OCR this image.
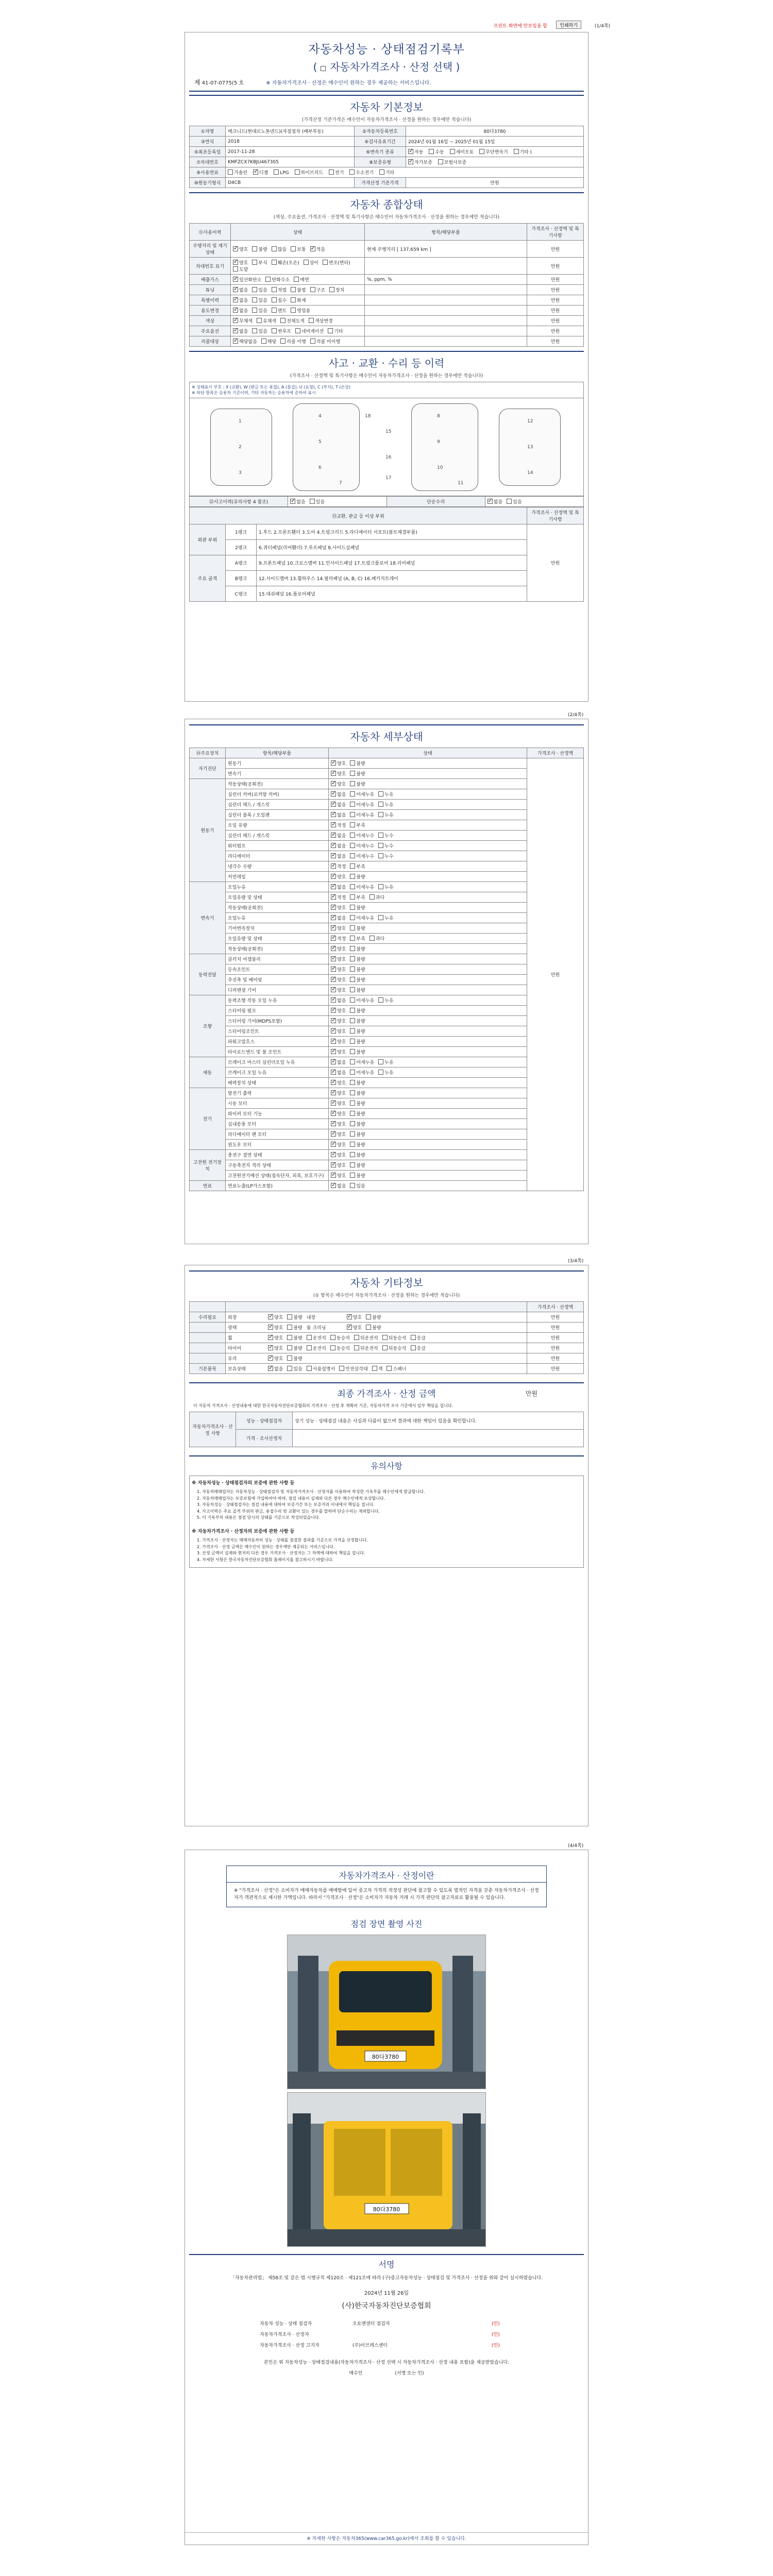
프린트 화면에 안보임을 합	인쇄하기	(1/4쪽)
자동차성능 · 상태점검기록부
( 자동차가격조사 · 산정 선택 )
제 41-07-0775(5 호	※ 자동차가격조사 · 산정은 매수인이 원하는 경우 제공하는 서비스입니다.
자동차 기본정보
(가격산정 기준가격은 매수인이 자동차가격조사 · 산정을 원하는 경우에만 적습니다)
①차명	메크니드(현대르노톤넨드)(자점점자 (배부투동)	②자동차등록번호	80다3780
③연식	2018	④검사유효기간	2024년 01월 16일 ~ 2025년 01월 15일
⑤최초등록일	2017-11-28	⑥변속기 종류	✓자동 수동 세미오토 무단변속기 기타 (
⑦차대번호	KMFZCX7KBJU467305	⑧보증유형	✓자가보증 보험사보증
⑨사용연료	가솔린 ✓ 디젤 LPG 하이브리드 전기 수소전기 기타
⑩원동기형식	D4CB	가격산정 기준가격	만원
자동차 종합상태
(색상, 주요옵션, 가격조사 · 산정액 및 특기사항은 매수인이 자동차가격조사 · 산정을 원하는 경우에만 적습니다)
⑪사용이력	상태	항목/해당부품	가격조사 · 산정액 및 특기사항
주행거리 및 계기상태	✓양호 불량 많음 보통 ✓ 적음	현재 주행거리 [ 137,659 km ]	만원
차대번호 표기	✓양호 부식 훼손(오손) 상이 변조(변타)도말		만원
배출가스	✓일산화탄소 탄화수소 매연	%, ppm, %	만원
튜닝	✓없음 있음 적법 불법 구조 장치		만원
특별이력	✓없음 있음 침수 화재		만원
용도변경	✓없음 있음 렌트 영업용		만원
색상	✓무채색 유채색 전체도색 색상변경		만원
주요옵션	✓없음 있음 썬루프 네비게이션 기타		만원
리콜대상	✓해당없음 해당 리콜 이행 리콜 미이행		만원
사고 · 교환 · 수리 등 이력
(가격조사 · 산정액 및 특기사항은 매수인이 자동차가격조사 · 산정을 원하는 경우에만 적습니다)
※ 상태표시 부호 : X (교환), W (판금 또는 용접), A (흠집), U (요철), C (부식), T (손상)
※ 하단 항목은 승용차 기준이며, 기타 자동차는 승용차에 준하여 표시
1
2
3
4
5
6
7
8
9
10
11
12
13
14
15
16
17
18
⑫사고이력(유의사항 4 참조)	✓없음 있음	단순수리	✓없음 있음
⑬교환, 판금 등 이상 부위			가격조사 · 산정액 및 특기사항
외판 부위	1랭크	1.후드 2.프론트휀더 3.도어 4.트렁크리드 5.라디에이터 서포트(볼트체결부품)	만원
	2랭크	6.쿼터패널(리어휀더) 7.루프패널 8.사이드실패널	
주요 골격	A랭크	9.프론트패널 10.크로스멤버 11.인사이드패널 17.트렁크플로어 18.리어패널	
	B랭크	12.사이드멤버 13.휠하우스 14.필러패널 (A, B, C) 16.패키지트레이	
	C랭크	15.대쉬패널 16.플로어패널	
(2/4쪽)
자동차 세부상태
⑭주요장치	항목/해당부품	상태	가격조사 · 산정액
자기진단	원동기	✓양호 불량	만원
	변속기	✓양호 불량
원동기	작동상태(공회전)	✓양호 불량
	실린더 커버(로커암 커버)	✓없음 미세누유 누유
	실린더 헤드 / 개스킷	✓없음 미세누유 누유
	실린더 블록 / 오일팬	✓없음 미세누유 누유
	오일 유량	✓적정 부족
	실린더 헤드 / 개스킷	✓없음 미세누수 누수
	워터펌프	✓없음 미세누수 누수
	라디에이터	✓없음 미세누수 누수
	냉각수 수량	✓적정 부족
	커먼레일	✓양호 불량
변속기	오일누유	✓없음 미세누유 누유
	오일유량 및 상태	✓적정 부족 과다
	작동상태(공회전)	✓양호 불량
	오일누유	✓없음 미세누유 누유
	기어변속장치	✓양호 불량
	오일유량 및 상태	✓적정 부족 과다
	작동상태(공회전)	✓양호 불량
동력전달	클러치 어셈블리	✓양호 불량
	등속조인트	✓양호 불량
	추진축 및 베어링	✓양호 불량
	디퍼렌셜 기어	✓양호 불량
조향	동력조향 작동 오일 누유	✓없음 미세누유 누유
	스티어링 펌프	✓양호 불량
	스티어링 기어(MDPS포함)	✓양호 불량
	스티어링조인트	✓양호 불량
	파워고압호스	✓양호 불량
	타이로드엔드 및 볼 조인트	✓양호 불량
제동	브레이크 마스터 실린더오일 누유	✓없음 미세누유 누유
	브레이크 오일 누유	✓없음 미세누유 누유
	배력장치 상태	✓양호 불량
전기	발전기 출력	✓양호 불량
	시동 모터	✓양호 불량
	와이퍼 모터 기능	✓양호 불량
	실내송풍 모터	✓양호 불량
	라디에이터 팬 모터	✓양호 불량
	윈도우 모터	✓양호 불량
고전원 전기장치	충전구 절연 상태	✓양호 불량
	구동축전지 격리 상태	✓양호 불량
	고전원전기배선 상태(접속단자, 피복, 보호기구)	✓양호 불량
연료	연료누출(LP가스포함)	✓없음 있음
(3/4쪽)
자동차 기타정보
(① 항목은 매수인이 자동차가격조사 · 산정을 원하는 경우에만 적습니다)
		가격조사 · 산정액
수리필요	외장 ✓ 양호 불량 내장 ✓ 양호 불량	만원
	광택 ✓ 양호 불량 룸 크리닝 ✓ 양호 불량	만원
	휠 ✓ 양호 불량 운전석 동승석 뒤운전석 뒤동승석 응급	만원
	타이어 ✓ 양호 불량 운전석 동승석 뒤운전석 뒤동승석 응급	만원
	유리 ✓ 양호 불량	만원
기본품목	보유상태 ✓ 없음 있음 사용설명서 안전삼각대 잭 스패너	만원
최종 가격조사 · 산정 금액	만원
이 자동차 가격조사 · 산정내용에 대한 한국자동차진단보증협회의 가격조사 · 산정 후 계획비 기준, 자동차가격 조사 기준에서 일부 책임을 집니다.
자동차가격조사 · 산정 사항	성능 · 상태점검자	상기 성능 · 상태점검 내용은 사실과 다름이 없으며 결과에 대한 책임이 있음을 확인합니다.
	가격 · 조사산정자	
유의사항
※ 자동차성능 · 상태점검자의 보증에 관한 사항 등
1. 자동차매매업자는 자동차성능 · 상태점검자 및 자동차가격조사 · 산정자를 이용하여 작성한 기록부를 매수인에게 발급합니다.
2. 자동차매매업자는 보증보험에 가입하여야 하며, 점검 내용이 실제와 다른 경우 매수인에게 보상합니다.
3. 자동차성능 · 상태점검자는 점검 내용에 대하여 보증기간 또는 보증거리 이내에서 책임을 집니다.
4. 사고이력은 주요 골격 부위의 판금, 용접수리 및 교환이 있는 경우를 말하며 단순수리는 제외합니다.
5. 이 기록부의 내용은 점검 당시의 상태를 기준으로 작성되었습니다.
※ 자동차가격조사 · 산정자의 보증에 관한 사항 등
1. 가격조사 · 산정자는 매매자동차의 성능 · 상태를 점검한 결과를 기준으로 가격을 산정합니다.
2. 가격조사 · 산정 금액은 매수인이 원하는 경우에만 제공되는 서비스입니다.
3. 산정 금액이 실제와 현저히 다른 경우 가격조사 · 산정자는 그 차액에 대하여 책임을 집니다.
4. 자세한 사항은 한국자동차진단보증협회 홈페이지를 참고하시기 바랍니다.
(4/4쪽)
자동차가격조사 · 산정이란
※ "가격조사 · 산정"은 소비자가 매매자동차를 매매함에 있어 중고차 가격의 적정성 판단에 참고할 수 있도록 법적인 자격을 갖춘 자동차가격조사 · 산정자가 객관적으로 제시한 가액입니다. 따라서 "가격조사 · 산정"은 소비자가 자동차 거래 시 가격 판단의 참고자료로 활용될 수 있습니다.
점검 장면 촬영 사진
80다3780
80다3780
서명
「자동차관리법」 제58조 및 같은 법 시행규칙 제120조 · 제121조에 따라 (구)중고자동차성능 · 상태점검 및 가격조사 · 산정을 위와 같이 실시하였습니다.
2024년 11월 26일
(사)한국자동차진단보증협회
자동차 성능 · 상태 점검자	오토맨센터 점검자	(인)
자동차가격조사 · 산정자		(인)
자동차가격조사 · 산정 고지자	(주)이브레스센터	(인)
본인은 위 자동차성능 · 상태점검내용(자동차가격조사 · 산정 선택 시 자동차가격조사 · 산정 내용 포함)을 제공받았습니다.
매수인	(서명 또는 인)
※ 자세한 사항은 자동차365(www.car365.go.kr)에서 조회를 할 수 있습니다.
